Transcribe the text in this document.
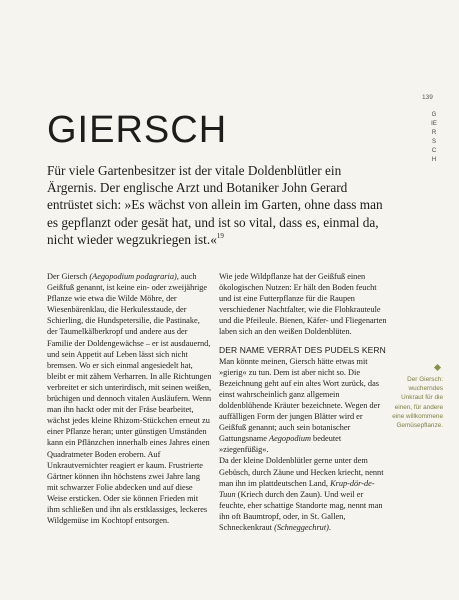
139
GIERSCH
GIERSCH

Für viele Gartenbesitzer ist der vitale Doldenblütler ein Ärgernis. Der englische Arzt und Botaniker John Gerard entrüstet sich: »Es wächst von allein im Garten, ohne dass man es gepflanzt oder gesät hat, und ist so vital, dass es, einmal da, nicht wieder wegzukriegen ist.«$^{19}$

Der Giersch (Aegopodium podagraria), auch Geißfuß genannt, ist keine ein- oder zweijährige Pflanze wie etwa die Wilde Möhre, der Wiesenbärenklau, die Herkulesstaude, der Schierling, die Hundspetersilie, die Pastinake, der Taumelkälberkropf und andere aus der Familie der Doldengewächse – er ist ausdauernd, und sein Appetit auf Leben lässt sich nicht bremsen. Wo er sich einmal angesiedelt hat, bleibt er mit zähem Verharren. In alle Richtungen verbreitet er sich unterirdisch, mit seinen weißen, brüchigen und dennoch vitalen Ausläufern. Wenn man ihn hackt oder mit der Fräse bearbeitet, wächst jedes kleine Rhizom-Stückchen erneut zu einer Pflanze heran; unter günstigen Umständen kann ein Pflänzchen innerhalb eines Jahres einen Quadratmeter Boden erobern. Auf Unkrautvernichter reagiert er kaum. Frustrierte Gärtner können ihn höchstens zwei Jahre lang mit schwarzer Folie abdecken und auf diese Weise ersticken. Oder sie können Frieden mit ihm schließen und ihn als erstklassiges, leckeres Wildgemüse im Kochtopf entsorgen.

Wie jede Wildpflanze hat der Geißfuß einen ökologischen Nutzen: Er hält den Boden feucht und ist eine Futterpflanze für die Raupen verschiedener Nachtfalter, wie die Flohkrauteule und die Pfeileule. Bienen, Käfer- und Fliegenarten laben sich an den weißen Doldenblüten.

DER NAME VERRÄT DES PUDELS KERN

Man könnte meinen, Giersch hätte etwas mit »gierig« zu tun. Dem ist aber nicht so. Die Bezeichnung geht auf ein altes Wort zurück, das einst wahrscheinlich ganz allgemein doldenblühende Kräuter bezeichnete. Wegen der auffälligen Form der jungen Blätter wird er Geißfuß genannt; auch sein botanischer Gattungsname Aegopodium bedeutet »ziegenfüßig«.

Da der kleine Doldenblütler gerne unter dem Gebüsch, durch Zäune und Hecken kriecht, nennt man ihn im plattdeutschen Land, Krup-dör-de-Tuun (Kriech durch den Zaun). Und weil er feuchte, eher schattige Standorte mag, nennt man ihn oft Baumtropf, oder, in St. Gallen, Schneckenkraut (Schneggechrut).

Der Giersch: wucherndes Unkraut für die einen, für andere eine willkommene Gemüsepflanze.
